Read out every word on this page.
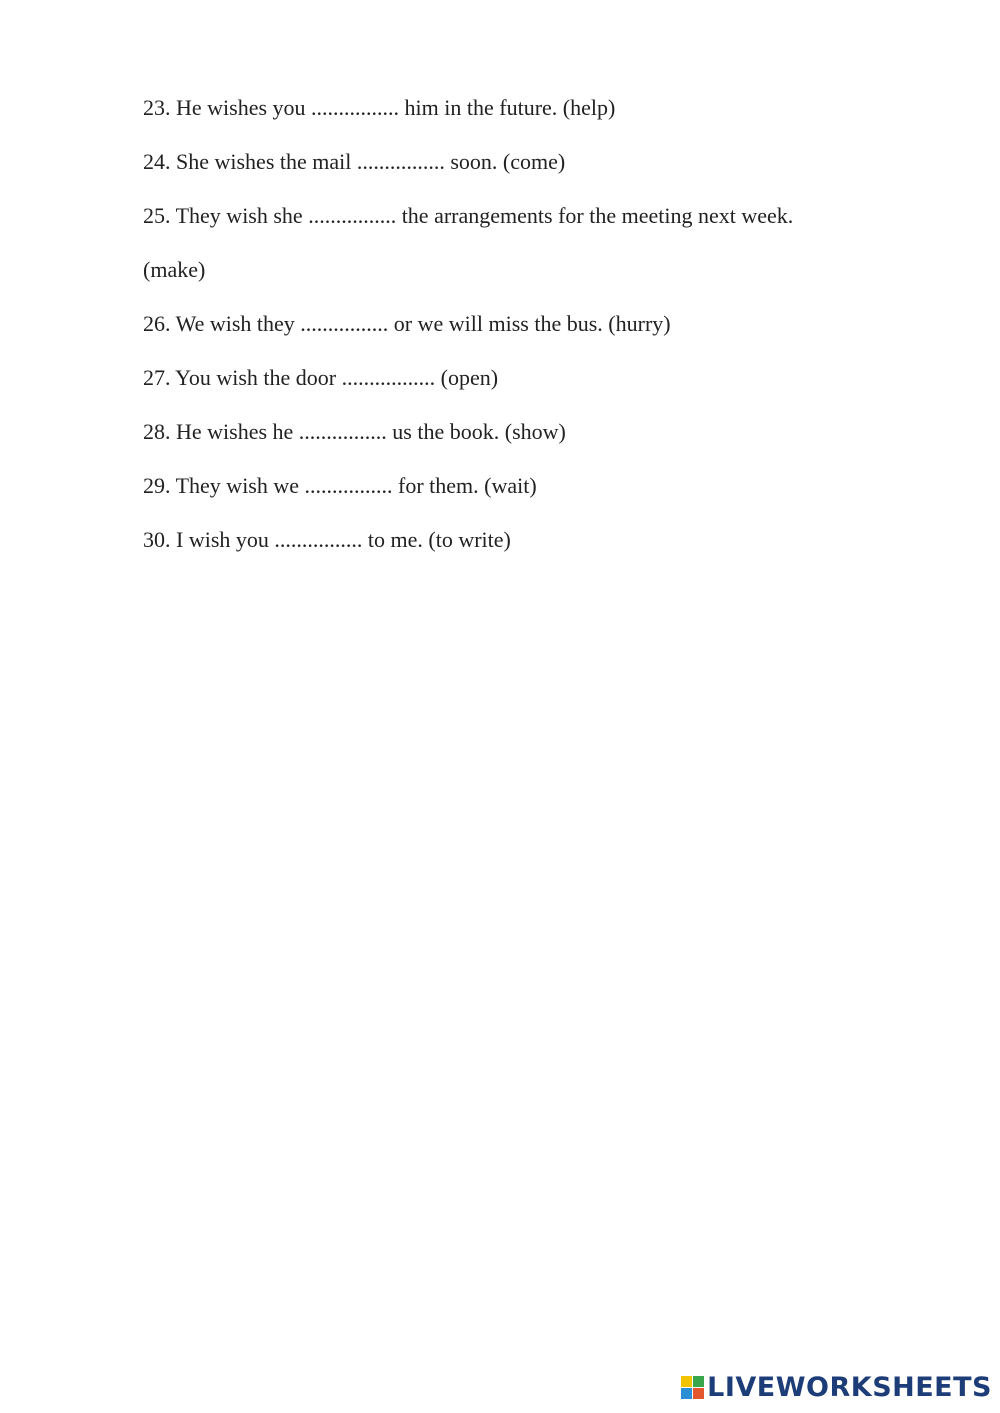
23. He wishes you ................ him in the future. (help)
24. She wishes the mail ................ soon. (come)
25. They wish she ................ the arrangements for the meeting next week.
(make)
26. We wish they ................ or we will miss the bus. (hurry)
27. You wish the door ................. (open)
28. He wishes he ................ us the book. (show)
29. They wish we ................ for them. (wait)
30. I wish you ................ to me. (to write)
LIVEWORKSHEETS
